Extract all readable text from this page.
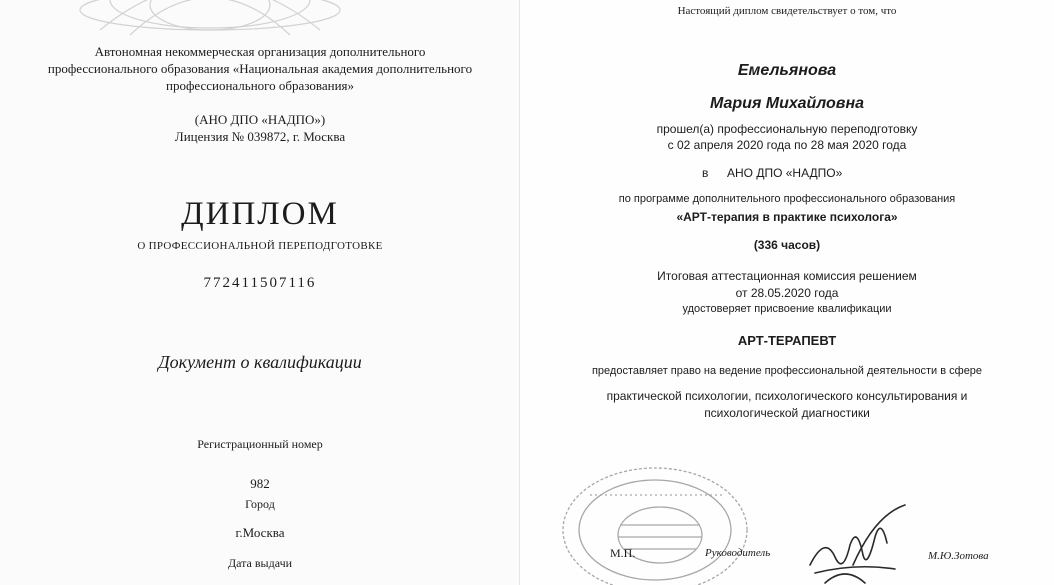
Автономная некоммерческая организация дополнительного
профессионального образования «Национальная академия дополнительного
профессионального образования»
(АНО ДПО «НАДПО»)
Лицензия № 039872, г. Москва
ДИПЛОМ
О ПРОФЕССИОНАЛЬНОЙ ПЕРЕПОДГОТОВКЕ
772411507116
Документ о квалификации
Регистрационный номер
982
Город
г.Москва
Дата выдачи
Настоящий диплом свидетельствует о том, что
Емельянова
Мария Михайловна
прошел(а) профессиональную переподготовку
с 02 апреля 2020 года по 28 мая 2020 года
в АНО ДПО «НАДПО»
по программе дополнительного профессионального образования
«АРТ-терапия в практике психолога»
(336 часов)
Итоговая аттестационная комиссия решением
от 28.05.2020 года
удостоверяет присвоение квалификации
АРТ-ТЕРАПЕВТ
предоставляет право на ведение профессиональной деятельности в сфере
практической психологии, психологического консультирования и
психологической диагностики
М.П.	Руководитель	М.Ю.Зотова
